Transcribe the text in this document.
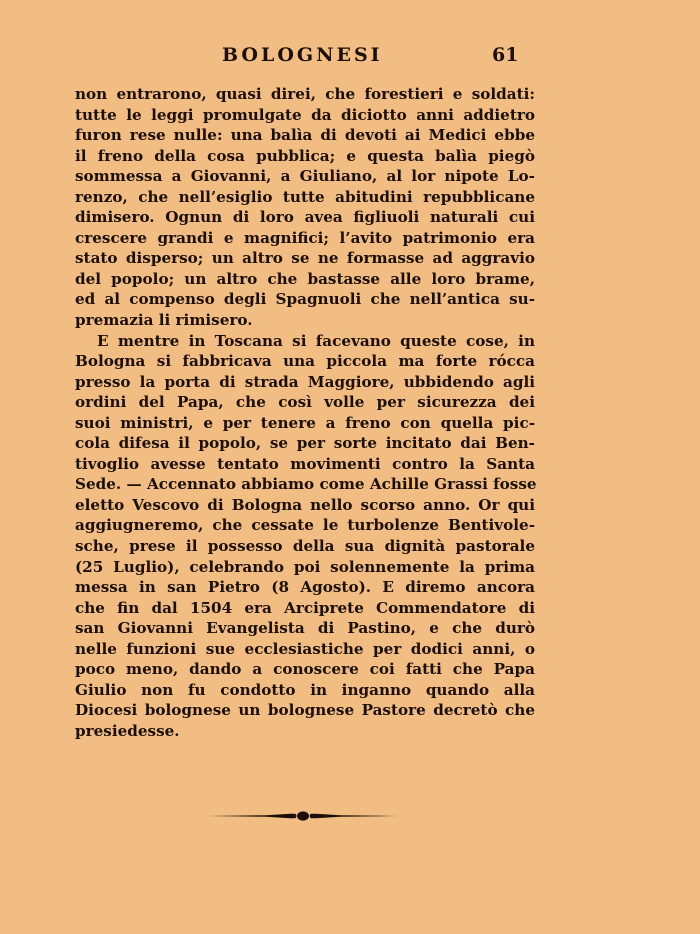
BOLOGNESI	61
non entrarono, quasi direi, che forestieri e soldati:
tutte le leggi promulgate da diciotto anni addietro
furon rese nulle: una balìa di devoti ai Medici ebbe
il freno della cosa pubblica; e questa balìa piegò
sommessa a Giovanni, a Giuliano, al lor nipote Lo-
renzo, che nell’esiglio tutte abitudini repubblicane
dimisero. Ognun di loro avea figliuoli naturali cui
crescere grandi e magnifici; l’avito patrimonio era
stato disperso; un altro se ne formasse ad aggravio
del popolo; un altro che bastasse alle loro brame,
ed al compenso degli Spagnuoli che nell’antica su-
premazia li rimisero.
E mentre in Toscana si facevano queste cose, in
Bologna si fabbricava una piccola ma forte rócca
presso la porta di strada Maggiore, ubbidendo agli
ordini del Papa, che così volle per sicurezza dei
suoi ministri, e per tenere a freno con quella pic-
cola difesa il popolo, se per sorte incitato dai Ben-
tivoglio avesse tentato movimenti contro la Santa
Sede. — Accennato abbiamo come Achille Grassi fosse
eletto Vescovo di Bologna nello scorso anno. Or qui
aggiugneremo, che cessate le turbolenze Bentivole-
sche, prese il possesso della sua dignità pastorale
(25 Luglio), celebrando poi solennemente la prima
messa in san Pietro (8 Agosto). E diremo ancora
che fin dal 1504 era Arciprete Commendatore di
san Giovanni Evangelista di Pastino, e che durò
nelle funzioni sue ecclesiastiche per dodici anni, o
poco meno, dando a conoscere coi fatti che Papa
Giulio non fu condotto in inganno quando alla
Diocesi bolognese un bolognese Pastore decretò che
presiedesse.
